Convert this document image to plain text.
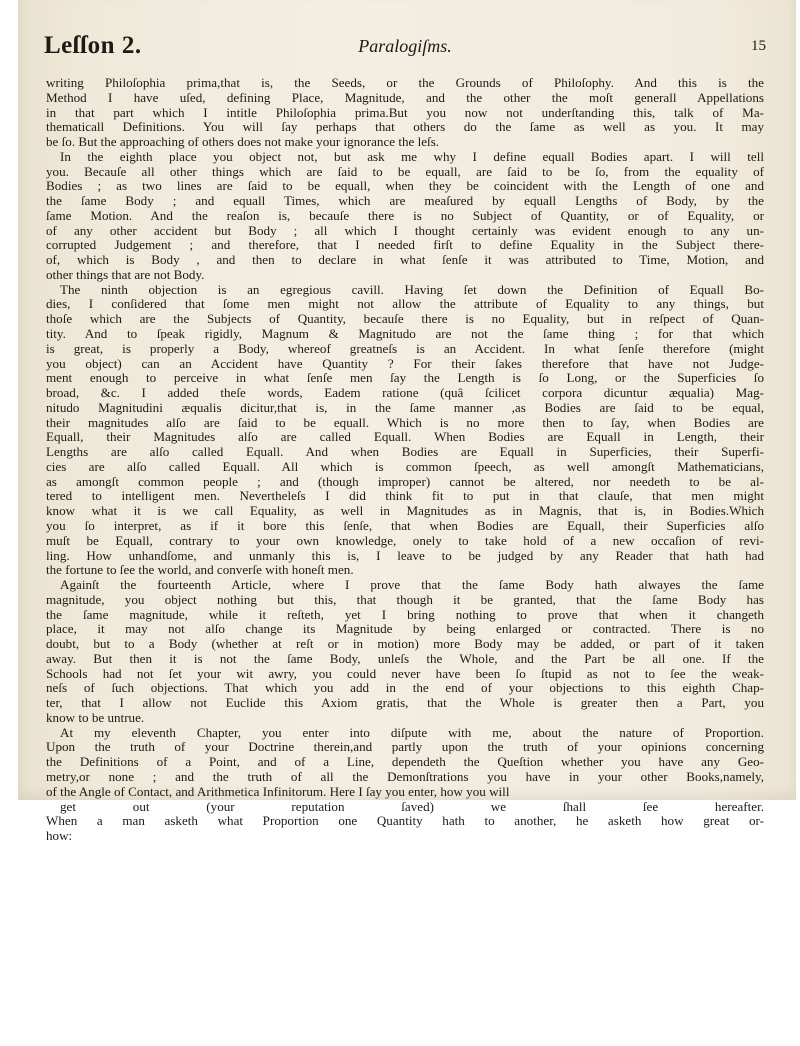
Leſſon 2.	Paralogiſms.	15
writing Philoſophia prima,that is, the Seeds, or the Grounds of Philoſophy. And this is the
Method I have uſed, defining Place, Magnitude, and the other the moſt generall Appellations
in that part which I intitle Philoſophia prima.But you now not underſtanding this, talk of Ma-
thematicall Definitions. You will ſay perhaps that others do the ſame as well as you. It may
be ſo. But the approaching of others does not make your ignorance the leſs.
In the eighth place you object not, but ask me why I define equall Bodies apart. I will tell
you. Becauſe all other things which are ſaid to be equall, are ſaid to be ſo, from the equality of
Bodies ; as two lines are ſaid to be equall, when they be coincident with the Length of one and
the ſame Body ; and equall Times, which are meaſured by equall Lengths of Body, by the
ſame Motion. And the reaſon is, becauſe there is no Subject of Quantity, or of Equality, or
of any other accident but Body ; all which I thought certainly was evident enough to any un-
corrupted Judgement ; and therefore, that I needed firſt to define Equality in the Subject there-
of, which is Body , and then to declare in what ſenſe it was attributed to Time, Motion, and
other things that are not Body.
The ninth objection is an egregious cavill. Having ſet down the Definition of Equall Bo-
dies, I conſidered that ſome men might not allow the attribute of Equality to any things, but
thoſe which are the Subjects of Quantity, becauſe there is no Equality, but in reſpect of Quan-
tity. And to ſpeak rigidly, Magnum & Magnitudo are not the ſame thing ; for that which
is great, is properly a Body, whereof greatneſs is an Accident. In what ſenſe therefore (might
you object) can an Accident have Quantity ? For their ſakes therefore that have not Judge-
ment enough to perceive in what ſenſe men ſay the Length is ſo Long, or the Superficies ſo
broad, &c. I added theſe words, Eadem ratione (quâ ſcilicet corpora dicuntur æqualia) Mag-
nitudo Magnitudini æqualis dicitur,that is, in the ſame manner ,as Bodies are ſaid to be equal,
their magnitudes alſo are ſaid to be equall. Which is no more then to ſay, when Bodies are
Equall, their Magnitudes alſo are called Equall. When Bodies are Equall in Length, their
Lengths are alſo called Equall. And when Bodies are Equall in Superficies, their Superfi-
cies are alſo called Equall. All which is common ſpeech, as well amongſt Mathematicians,
as amongſt common people ; and (though improper) cannot be altered, nor needeth to be al-
tered to intelligent men. Nevertheleſs I did think fit to put in that clauſe, that men might
know what it is we call Equality, as well in Magnitudes as in Magnis, that is, in Bodies.Which
you ſo interpret, as if it bore this ſenſe, that when Bodies are Equall, their Superficies alſo
muſt be Equall, contrary to your own knowledge, onely to take hold of a new occaſion of revi-
ling. How unhandſome, and unmanly this is, I leave to be judged by any Reader that hath had
the fortune to ſee the world, and converſe with honeſt men.
Againſt the fourteenth Article, where I prove that the ſame Body hath alwayes the ſame
magnitude, you object nothing but this, that though it be granted, that the ſame Body has
the ſame magnitude, while it reſteth, yet I bring nothing to prove that when it changeth
place, it may not alſo change its Magnitude by being enlarged or contracted. There is no
doubt, but to a Body (whether at reſt or in motion) more Body may be added, or part of it taken
away. But then it is not the ſame Body, unleſs the Whole, and the Part be all one. If the
Schools had not ſet your wit awry, you could never have been ſo ſtupid as not to ſee the weak-
neſs of ſuch objections. That which you add in the end of your objections to this eighth Chap-
ter, that I allow not Euclide this Axiom gratis, that the Whole is greater then a Part, you
know to be untrue.
At my eleventh Chapter, you enter into diſpute with me, about the nature of Proportion.
Upon the truth of your Doctrine therein,and partly upon the truth of your opinions concerning
the Definitions of a Point, and of a Line, dependeth the Queſtion whether you have any Geo-
metry,or none ; and the truth of all the Demonſtrations you have in your other Books,namely,
of the Angle of Contact, and Arithmetica Infinitorum. Here I ſay you enter, how you will
get out (your reputation ſaved) we ſhall ſee hereafter.
When a man asketh what Proportion one Quantity hath to another, he asketh how great or-
how:
